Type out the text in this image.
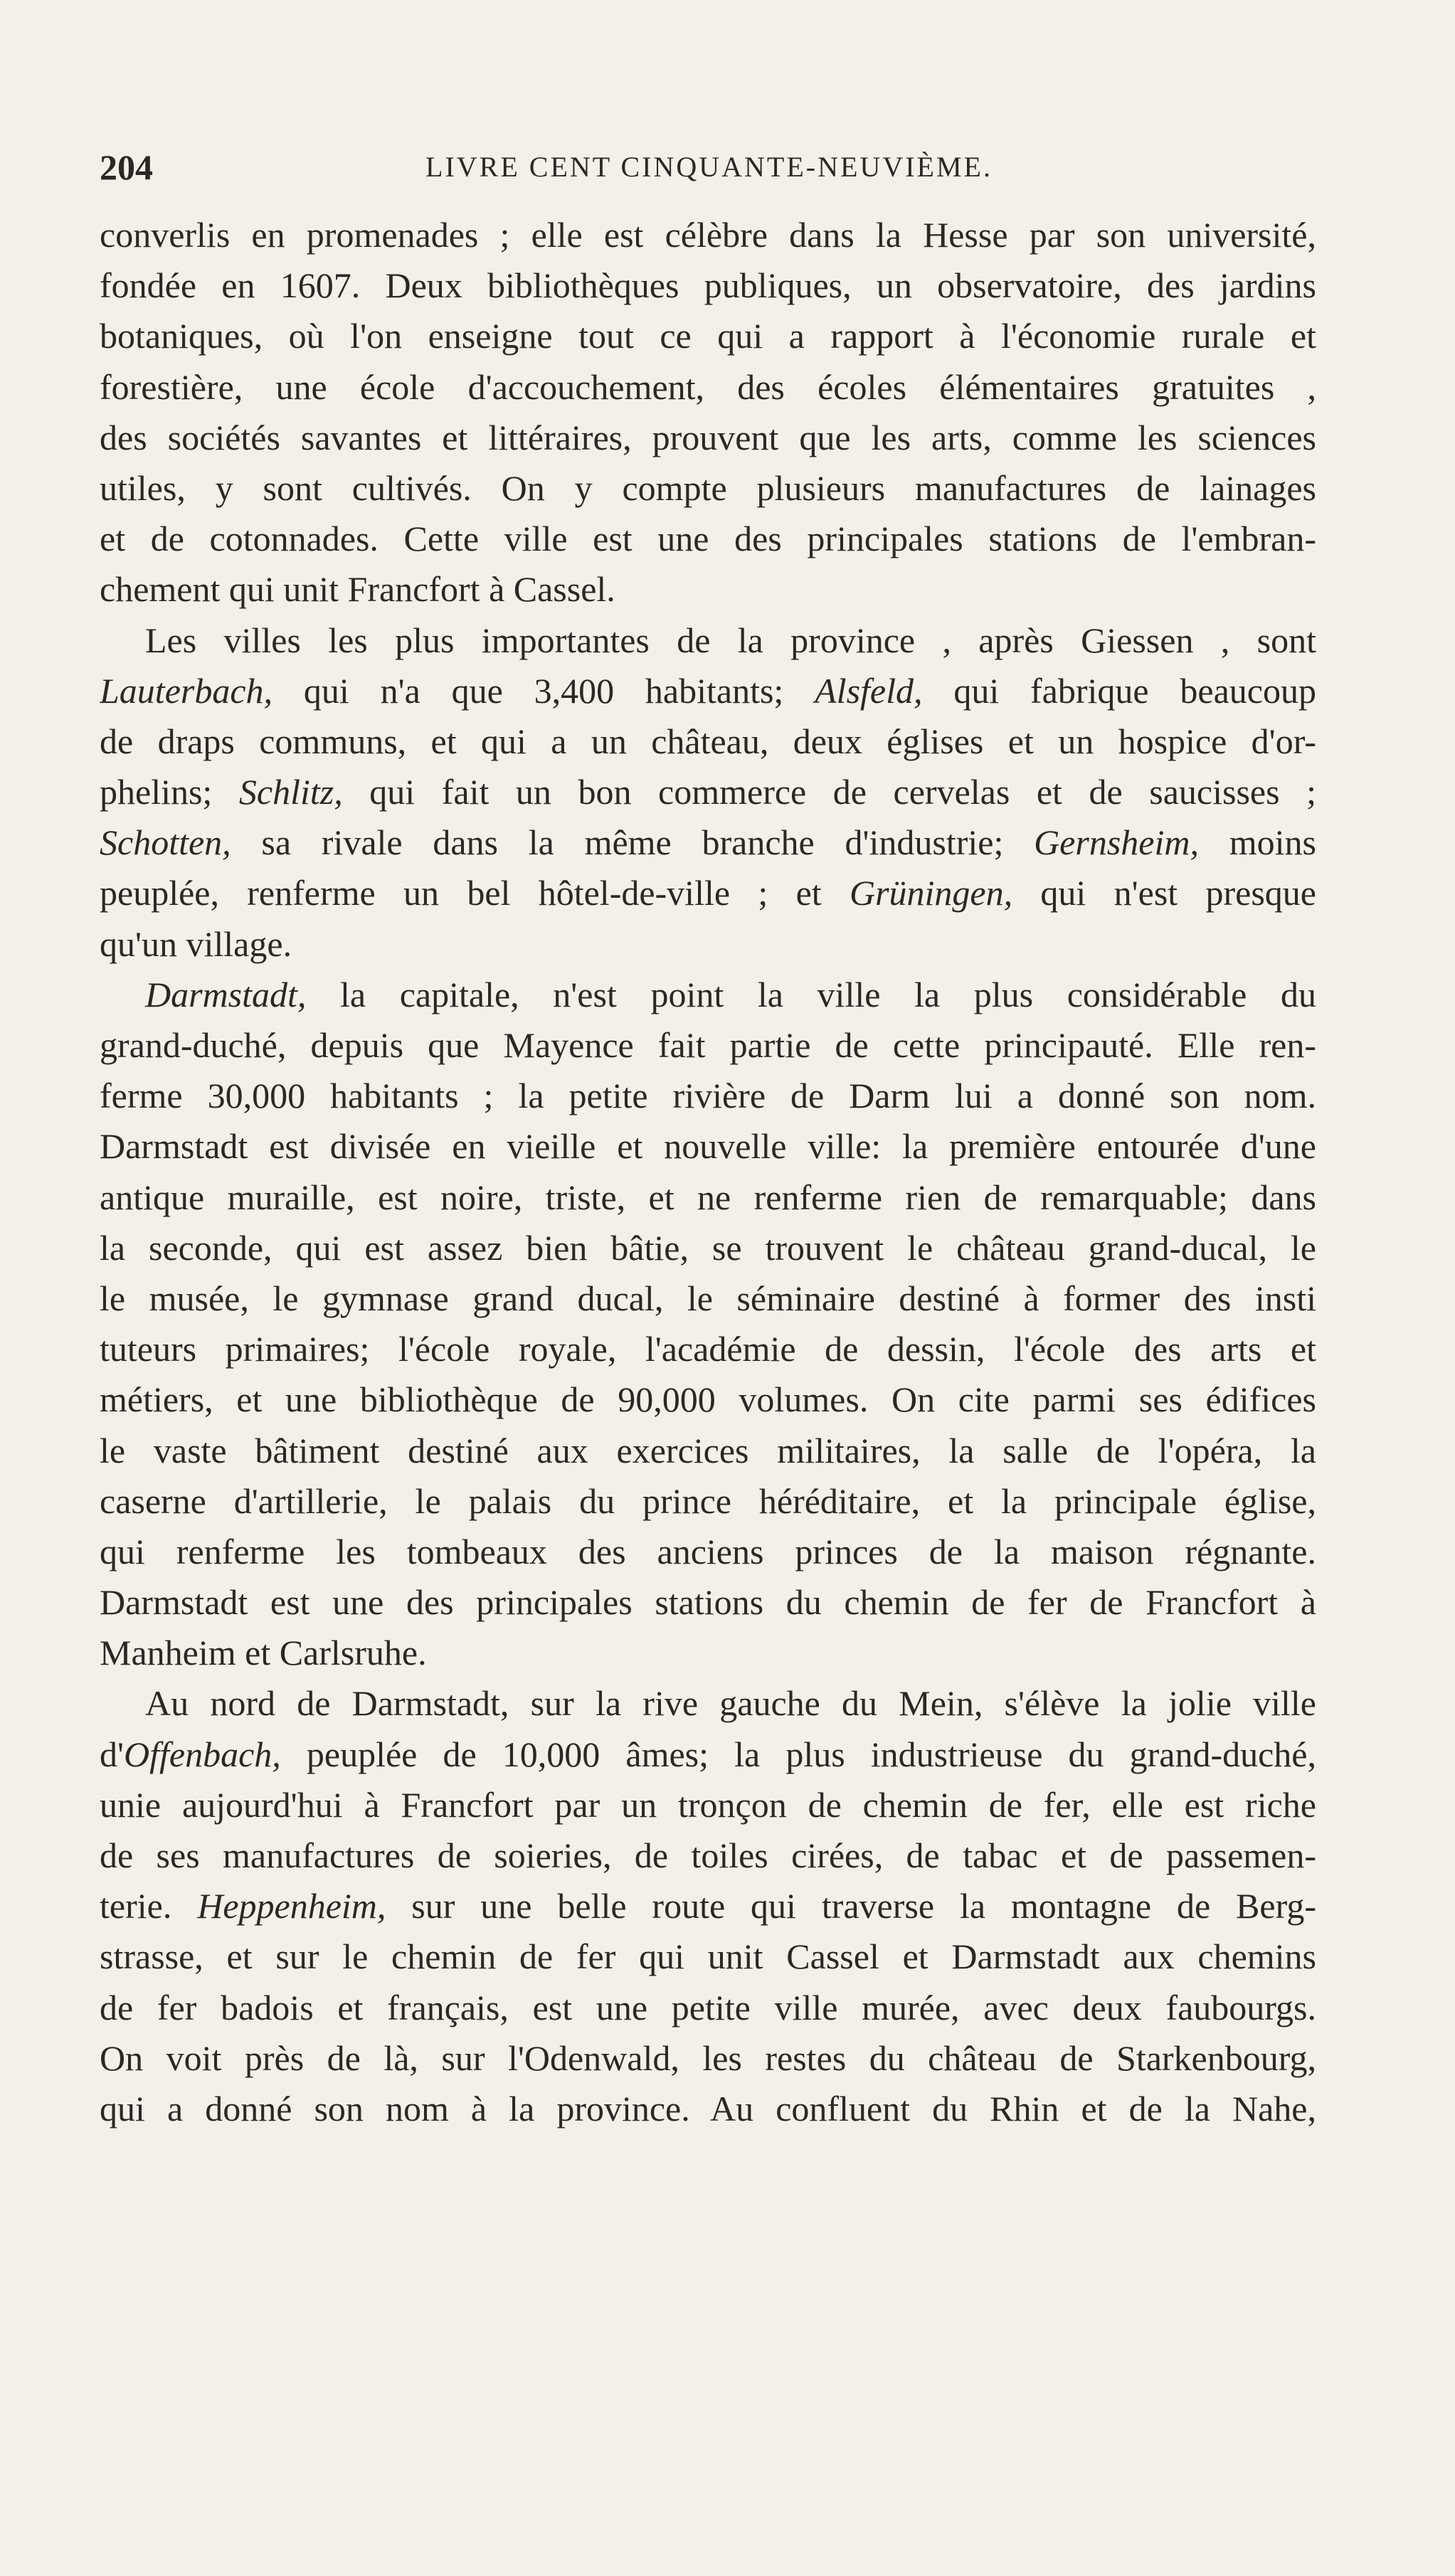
204	LIVRE CENT CINQUANTE-NEUVIÈME.
converlis en promenades ; elle est célèbre dans la Hesse par son université,
fondée en 1607. Deux bibliothèques publiques, un observatoire, des jardins
botaniques, où l'on enseigne tout ce qui a rapport à l'économie rurale et
forestière, une école d'accouchement, des écoles élémentaires gratuites ,
des sociétés savantes et littéraires, prouvent que les arts, comme les sciences
utiles, y sont cultivés. On y compte plusieurs manufactures de lainages
et de cotonnades. Cette ville est une des principales stations de l'embran-
chement qui unit Francfort à Cassel.
Les villes les plus importantes de la province , après Giessen , sont
Lauterbach, qui n'a que 3,400 habitants; Alsfeld, qui fabrique beaucoup
de draps communs, et qui a un château, deux églises et un hospice d'or-
phelins; Schlitz, qui fait un bon commerce de cervelas et de saucisses ;
Schotten, sa rivale dans la même branche d'industrie; Gernsheim, moins
peuplée, renferme un bel hôtel-de-ville ; et Grüningen, qui n'est presque
qu'un village.
Darmstadt, la capitale, n'est point la ville la plus considérable du
grand-duché, depuis que Mayence fait partie de cette principauté. Elle ren-
ferme 30,000 habitants ; la petite rivière de Darm lui a donné son nom.
Darmstadt est divisée en vieille et nouvelle ville: la première entourée d'une
antique muraille, est noire, triste, et ne renferme rien de remarquable; dans
la seconde, qui est assez bien bâtie, se trouvent le château grand-ducal, le
le musée, le gymnase grand ducal, le séminaire destiné à former des insti
tuteurs primaires; l'école royale, l'académie de dessin, l'école des arts et
métiers, et une bibliothèque de 90,000 volumes. On cite parmi ses édifices
le vaste bâtiment destiné aux exercices militaires, la salle de l'opéra, la
caserne d'artillerie, le palais du prince héréditaire, et la principale église,
qui renferme les tombeaux des anciens princes de la maison régnante.
Darmstadt est une des principales stations du chemin de fer de Francfort à
Manheim et Carlsruhe.
Au nord de Darmstadt, sur la rive gauche du Mein, s'élève la jolie ville
d'Offenbach, peuplée de 10,000 âmes; la plus industrieuse du grand-duché,
unie aujourd'hui à Francfort par un tronçon de chemin de fer, elle est riche
de ses manufactures de soieries, de toiles cirées, de tabac et de passemen-
terie. Heppenheim, sur une belle route qui traverse la montagne de Berg-
strasse, et sur le chemin de fer qui unit Cassel et Darmstadt aux chemins
de fer badois et français, est une petite ville murée, avec deux faubourgs.
On voit près de là, sur l'Odenwald, les restes du château de Starkenbourg,
qui a donné son nom à la province. Au confluent du Rhin et de la Nahe,
